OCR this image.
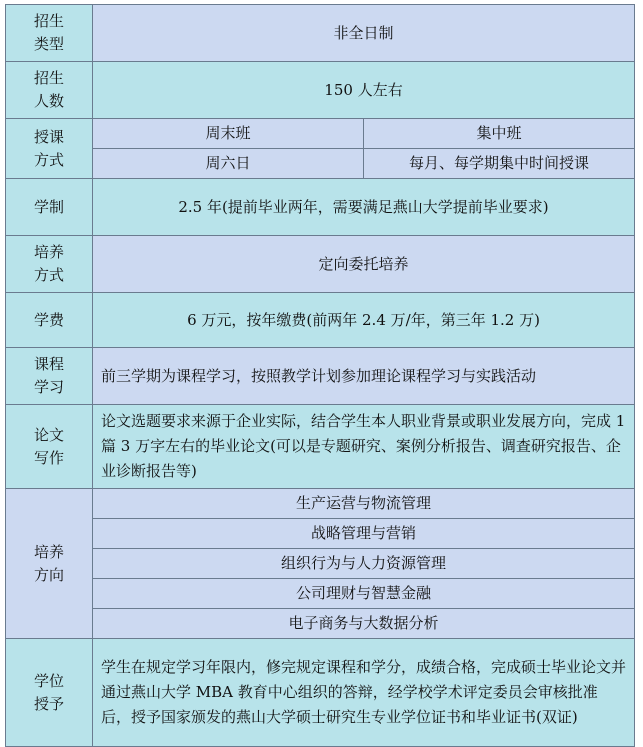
招生
类型	非全日制	

招生
人数	150 人左右	

授课
方式	周末班	集中班
	周六日	每月、每学期集中时间授课

学制	2.5 年(提前毕业两年，需要满足燕山大学提前毕业要求)	

培养
方式	定向委托培养	

学费	6 万元，按年缴费(前两年 2.4 万/年，第三年 1.2 万)	

课程
学习	前三学期为课程学习，按照教学计划参加理论课程学习与实践活动	

论文
写作	论文选题要求来源于企业实际，结合学生本人职业背景或职业发展方向，完成 1 篇 3 万字左右的毕业论文(可以是专题研究、案例分析报告、调查研究报告、企业诊断报告等)	

培养
方向	生产运营与物流管理	
	战略管理与营销	
	组织行为与人力资源管理	
	公司理财与智慧金融	
	电子商务与大数据分析	

学位
授予	学生在规定学习年限内，修完规定课程和学分，成绩合格，完成硕士毕业论文并通过燕山大学 MBA 教育中心组织的答辩，经学校学术评定委员会审核批准后，授予国家颁发的燕山大学硕士研究生专业学位证书和毕业证书(双证)	
